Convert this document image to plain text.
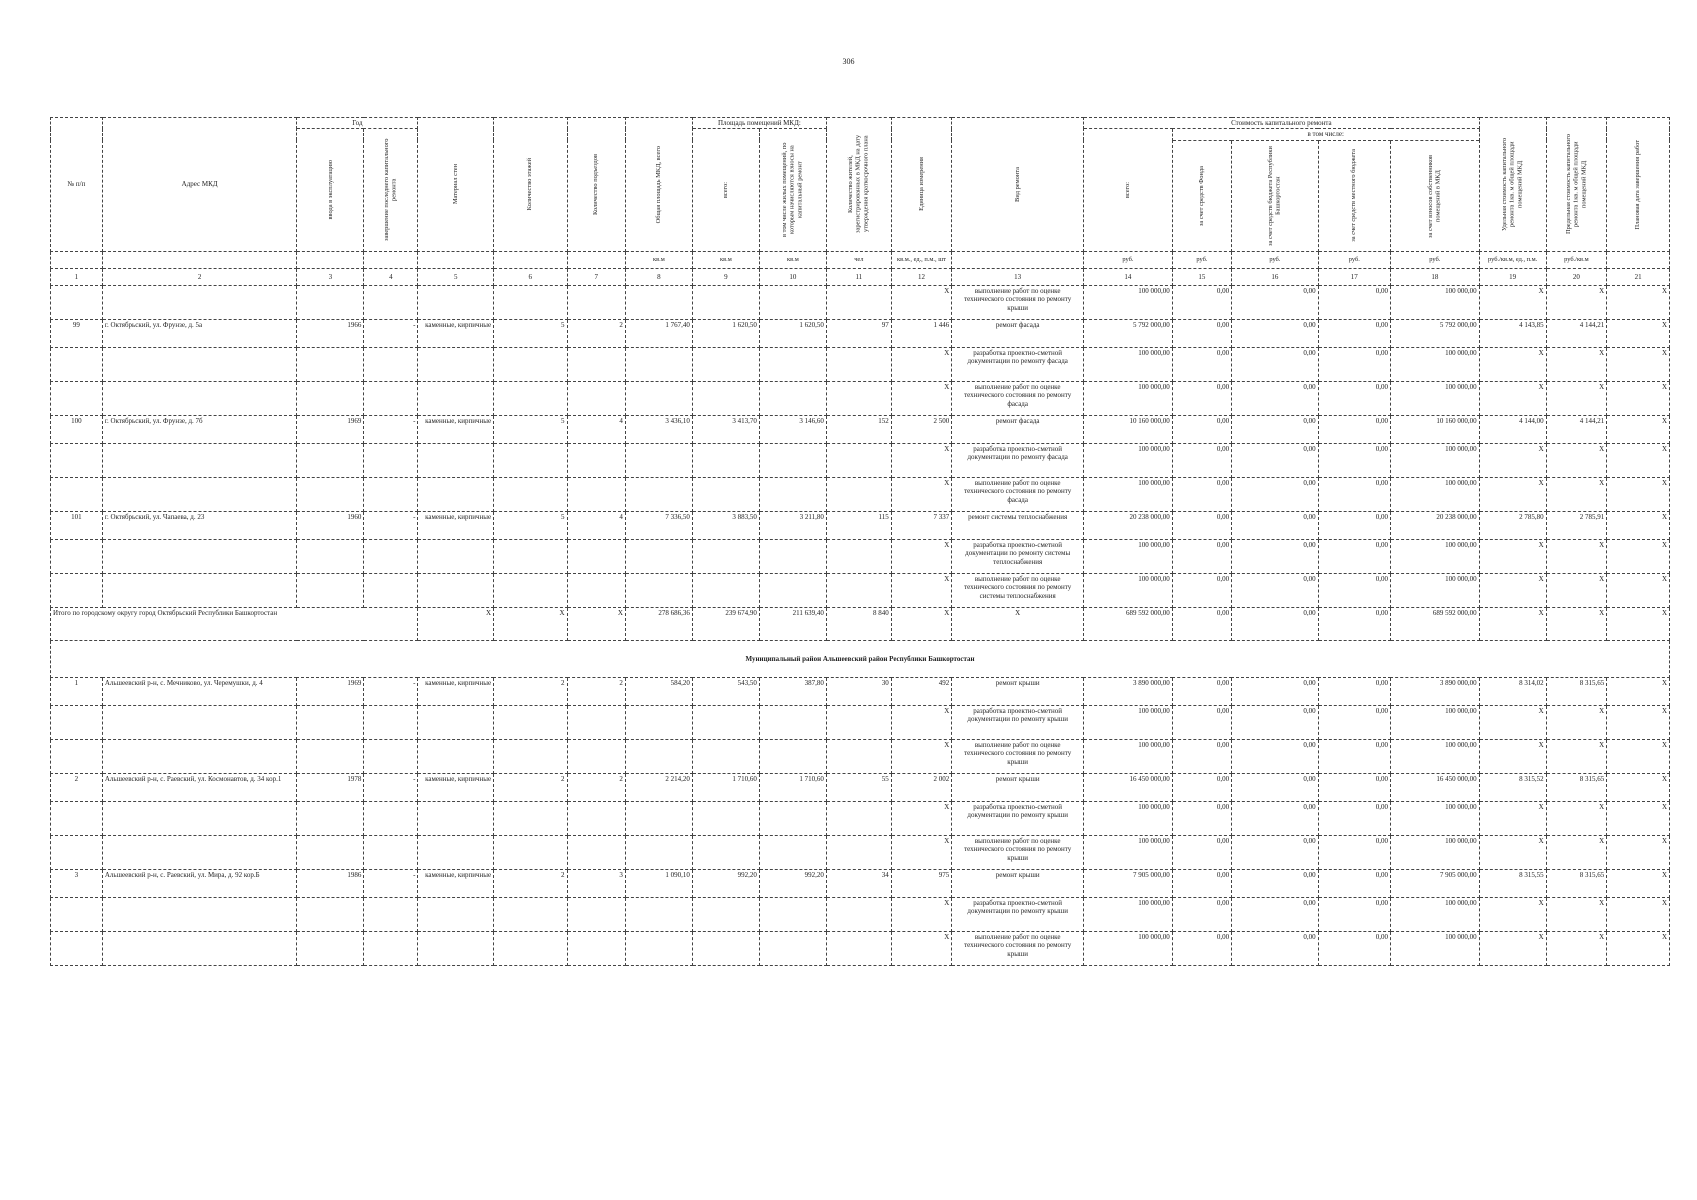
306
№ п/п	Адрес МКД	Год		Материал стен	Количество этажей	Количество подъездов	Общая площадь МКД, всего	Площадь помещений МКД:		Количество жителей, зарегистрированных в МКД на дату утверждения краткосрочного плана	Единица измерения	Вид ремонта	Стоимость капитального ремонта					Удельная стоимость капитального ремонта 1кв. м общей площади помещений МКД	Предельная стоимость капитального ремонта 1кв. м общей площади помещений МКД	Плановая дата завершения работ

		ввода в эксплуатацию	завершение последнего капитального ремонта					всего:	в том числе жилых помещений, по которым начисляются взносы на капитальный ремонт				всего:	в том числе:						

														за счет средств Фонда	за счет средств бюджета Республики Башкортостан	за счет средств местного бюджета	за счет взносов собственников помещений в МКД			

							кв.м	кв.м	кв.м	чел	кв.м., ед., п.м., шт		руб.	руб.	руб.	руб.	руб.	руб./кв.м, ед., п.м.	руб./кв.м	
1	2	3	4	5	6	7	8	9	10	11	12	13	14	15	16	17	18	19	20	21
											X	выполнение работ по оценке технического состояния по ремонту крыши	100 000,00	0,00	0,00	0,00	100 000,00	X	X	X
99	г. Октябрьский, ул. Фрунзе, д. 5а	1966	-	каменные, кирпичные	5	2	1 767,40	1 620,50	1 620,50	97	1 446	ремонт фасада	5 792 000,00	0,00	0,00	0,00	5 792 000,00	4 143,85	4 144,21	X
											X	разработка проектно-сметной документации по ремонту фасада	100 000,00	0,00	0,00	0,00	100 000,00	X	X	X
											X	выполнение работ по оценке технического состояния по ремонту фасада	100 000,00	0,00	0,00	0,00	100 000,00	X	X	X
100	г. Октябрьский, ул. Фрунзе, д. 7б	1969	-	каменные, кирпичные	5	4	3 436,10	3 413,70	3 146,60	152	2 500	ремонт фасада	10 160 000,00	0,00	0,00	0,00	10 160 000,00	4 144,00	4 144,21	X
											X	разработка проектно-сметной документации по ремонту фасада	100 000,00	0,00	0,00	0,00	100 000,00	X	X	X
											X	выполнение работ по оценке технического состояния по ремонту фасада	100 000,00	0,00	0,00	0,00	100 000,00	X	X	X
101	г. Октябрьский, ул. Чапаева, д. 23	1960	-	каменные, кирпичные	5	4	7 336,50	3 883,50	3 211,80	115	7 337	ремонт системы теплоснабжения	20 238 000,00	0,00	0,00	0,00	20 238 000,00	2 785,80	2 785,91	X
											X	разработка проектно-сметной документации по ремонту системы теплоснабжения	100 000,00	0,00	0,00	0,00	100 000,00	X	X	X
											X	выполнение работ по оценке технического состояния по ремонту системы теплоснабжения	100 000,00	0,00	0,00	0,00	100 000,00	X	X	X
Итого по городскому округу город Октябрьский Республики Башкортостан				X	X	X	278 686,36	239 674,90	211 639,40	8 840	X	X	689 592 000,00	0,00	0,00	0,00	689 592 000,00	X	X	X
Муниципальный район Альшеевский район Республики Башкортостан																				
1	Альшеевский р-н, с. Мечниково, ул. Черемушки, д. 4	1969	-	каменные, кирпичные	2	2	584,20	543,50	387,80	30	492	ремонт крыши	3 890 000,00	0,00	0,00	0,00	3 890 000,00	8 314,02	8 315,65	X
											X	разработка проектно-сметной документации по ремонту крыши	100 000,00	0,00	0,00	0,00	100 000,00	X	X	X
											X	выполнение работ по оценке технического состояния по ремонту крыши	100 000,00	0,00	0,00	0,00	100 000,00	X	X	X
2	Альшеевский р-н, с. Раевский, ул. Космонавтов, д. 34 кор.1	1978	-	каменные, кирпичные	2	2	2 214,20	1 710,60	1 710,60	55	2 002	ремонт крыши	16 450 000,00	0,00	0,00	0,00	16 450 000,00	8 315,52	8 315,65	X
											X	разработка проектно-сметной документации по ремонту крыши	100 000,00	0,00	0,00	0,00	100 000,00	X	X	X
											X	выполнение работ по оценке технического состояния по ремонту крыши	100 000,00	0,00	0,00	0,00	100 000,00	X	X	X
3	Альшеевский р-н, с. Раевский, ул. Мира, д. 92 кор.Б	1986	-	каменные, кирпичные	2	3	1 090,10	992,20	992,20	34	975	ремонт крыши	7 905 000,00	0,00	0,00	0,00	7 905 000,00	8 315,55	8 315,65	X
											X	разработка проектно-сметной документации по ремонту крыши	100 000,00	0,00	0,00	0,00	100 000,00	X	X	X
											X	выполнение работ по оценке технического состояния по ремонту крыши	100 000,00	0,00	0,00	0,00	100 000,00	X	X	X
